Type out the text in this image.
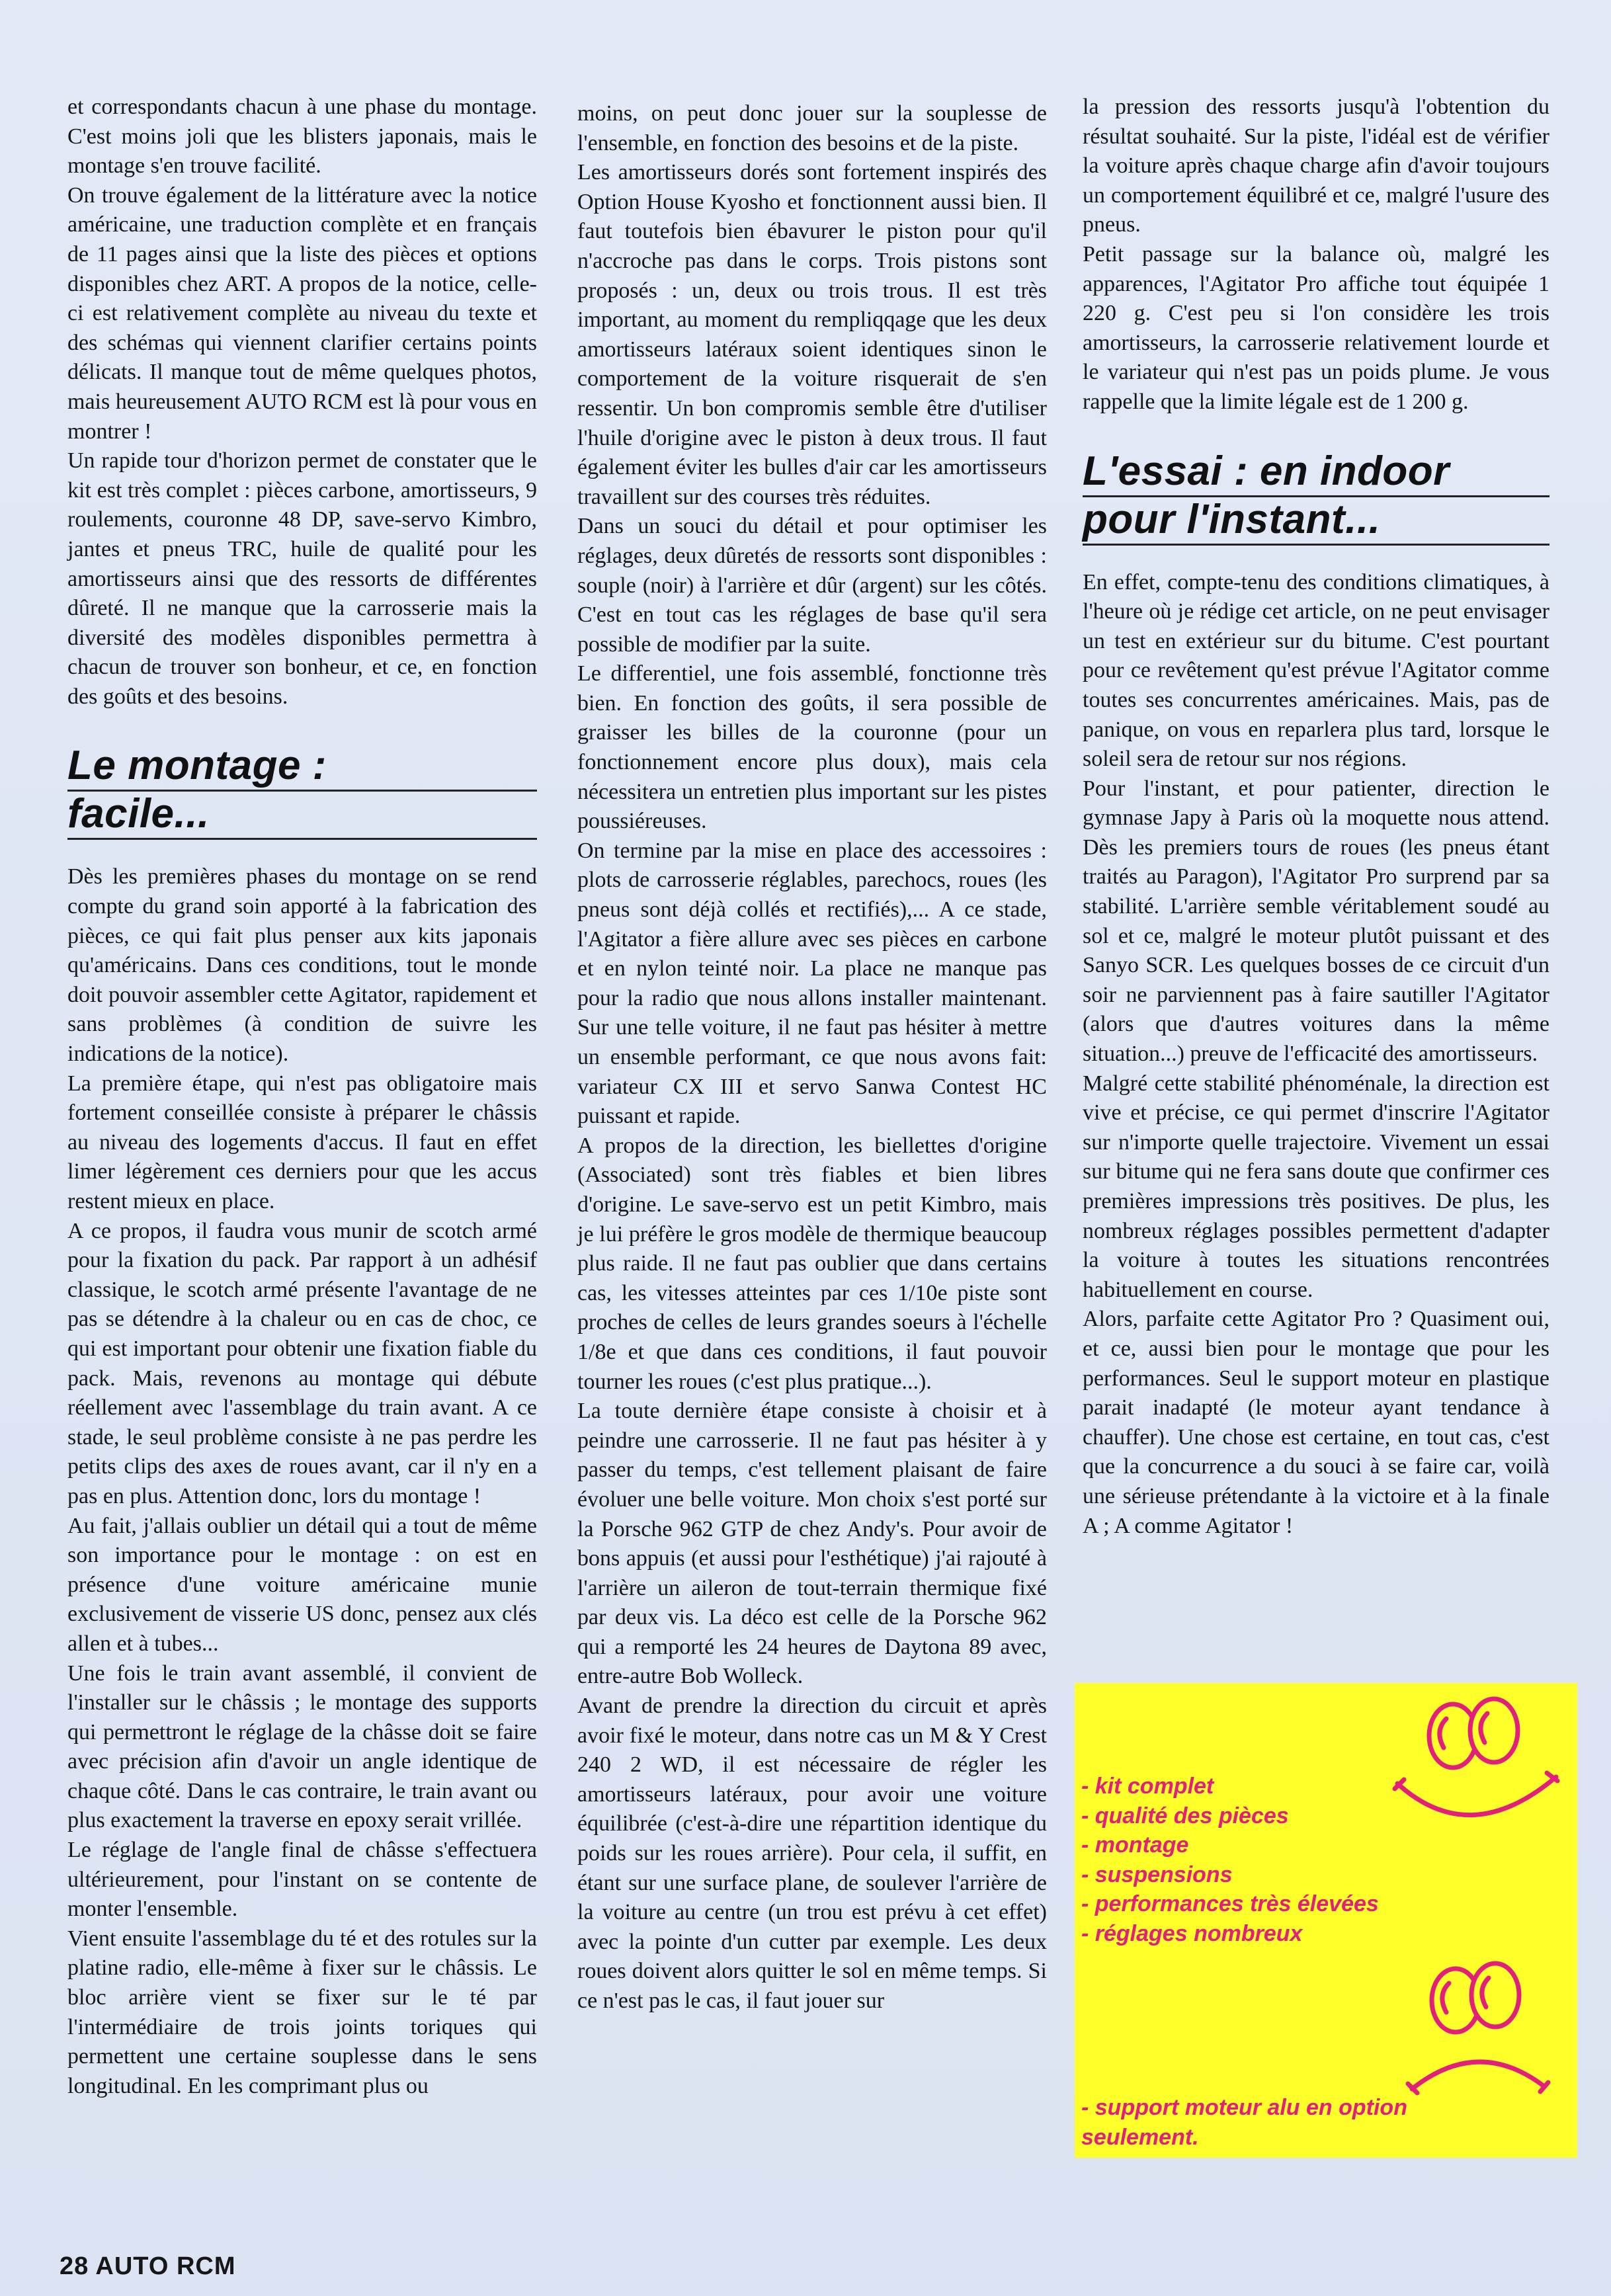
et correspondants chacun à une phase du montage. C'est moins joli que les blisters japonais, mais le montage s'en trouve facilité.

On trouve également de la littérature avec la notice américaine, une traduction complète et en français de 11 pages ainsi que la liste des pièces et options disponibles chez ART. A propos de la notice, celle-ci est relativement complète au niveau du texte et des schémas qui viennent clarifier certains points délicats. Il manque tout de même quelques photos, mais heureusement AUTO RCM est là pour vous en montrer !

Un rapide tour d'horizon permet de constater que le kit est très complet : pièces carbone, amortisseurs, 9 roulements, couronne 48 DP, save-servo Kimbro, jantes et pneus TRC, huile de qualité pour les amortisseurs ainsi que des ressorts de différentes dûreté. Il ne manque que la carrosserie mais la diversité des modèles disponibles permettra à chacun de trouver son bonheur, et ce, en fonction des goûts et des besoins.

Le montage :
facile...

Dès les premières phases du montage on se rend compte du grand soin apporté à la fabrication des pièces, ce qui fait plus penser aux kits japonais qu'américains. Dans ces conditions, tout le monde doit pouvoir assembler cette Agitator, rapidement et sans problèmes (à condition de suivre les indications de la notice).

La première étape, qui n'est pas obligatoire mais fortement conseillée consiste à préparer le châssis au niveau des logements d'accus. Il faut en effet limer légèrement ces derniers pour que les accus restent mieux en place.

A ce propos, il faudra vous munir de scotch armé pour la fixation du pack. Par rapport à un adhésif classique, le scotch armé présente l'avantage de ne pas se détendre à la chaleur ou en cas de choc, ce qui est important pour obtenir une fixation fiable du pack. Mais, revenons au montage qui débute réellement avec l'assemblage du train avant. A ce stade, le seul problème consiste à ne pas perdre les petits clips des axes de roues avant, car il n'y en a pas en plus. Attention donc, lors du montage !

Au fait, j'allais oublier un détail qui a tout de même son importance pour le montage : on est en présence d'une voiture américaine munie exclusivement de visserie US donc, pensez aux clés allen et à tubes...

Une fois le train avant assemblé, il convient de l'installer sur le châssis ; le montage des supports qui permettront le réglage de la châsse doit se faire avec précision afin d'avoir un angle identique de chaque côté. Dans le cas contraire, le train avant ou plus exactement la traverse en epoxy serait vrillée.

Le réglage de l'angle final de châsse s'effectuera ultérieurement, pour l'instant on se contente de monter l'ensemble.

Vient ensuite l'assemblage du té et des rotules sur la platine radio, elle-même à fixer sur le châssis. Le bloc arrière vient se fixer sur le té par l'intermédiaire de trois joints toriques qui permettent une certaine souplesse dans le sens longitudinal. En les comprimant plus ou

moins, on peut donc jouer sur la souplesse de l'ensemble, en fonction des besoins et de la piste.

Les amortisseurs dorés sont fortement inspirés des Option House Kyosho et fonctionnent aussi bien. Il faut toutefois bien ébavurer le piston pour qu'il n'accroche pas dans le corps. Trois pistons sont proposés : un, deux ou trois trous. Il est très important, au moment du rempliqqage que les deux amortisseurs latéraux soient identiques sinon le comportement de la voiture risquerait de s'en ressentir. Un bon compromis semble être d'utiliser l'huile d'origine avec le piston à deux trous. Il faut également éviter les bulles d'air car les amortisseurs travaillent sur des courses très réduites.

Dans un souci du détail et pour optimiser les réglages, deux dûretés de ressorts sont disponibles : souple (noir) à l'arrière et dûr (argent) sur les côtés. C'est en tout cas les réglages de base qu'il sera possible de modifier par la suite.

Le differentiel, une fois assemblé, fonctionne très bien. En fonction des goûts, il sera possible de graisser les billes de la couronne (pour un fonctionnement encore plus doux), mais cela nécessitera un entretien plus important sur les pistes poussiéreuses.

On termine par la mise en place des accessoires : plots de carrosserie réglables, parechocs, roues (les pneus sont déjà collés et rectifiés),... A ce stade, l'Agitator a fière allure avec ses pièces en carbone et en nylon teinté noir. La place ne manque pas pour la radio que nous allons installer maintenant. Sur une telle voiture, il ne faut pas hésiter à mettre un ensemble performant, ce que nous avons fait: variateur CX III et servo Sanwa Contest HC puissant et rapide.

A propos de la direction, les biellettes d'origine (Associated) sont très fiables et bien libres d'origine. Le save-servo est un petit Kimbro, mais je lui préfère le gros modèle de thermique beaucoup plus raide. Il ne faut pas oublier que dans certains cas, les vitesses atteintes par ces 1/10e piste sont proches de celles de leurs grandes soeurs à l'échelle 1/8e et que dans ces conditions, il faut pouvoir tourner les roues (c'est plus pratique...).

La toute dernière étape consiste à choisir et à peindre une carrosserie. Il ne faut pas hésiter à y passer du temps, c'est tellement plaisant de faire évoluer une belle voiture. Mon choix s'est porté sur la Porsche 962 GTP de chez Andy's. Pour avoir de bons appuis (et aussi pour l'esthétique) j'ai rajouté à l'arrière un aileron de tout-terrain thermique fixé par deux vis. La déco est celle de la Porsche 962 qui a remporté les 24 heures de Daytona 89 avec, entre-autre Bob Wolleck.

Avant de prendre la direction du circuit et après avoir fixé le moteur, dans notre cas un M & Y Crest 240 2 WD, il est nécessaire de régler les amortisseurs latéraux, pour avoir une voiture équilibrée (c'est-à-dire une répartition identique du poids sur les roues arrière). Pour cela, il suffit, en étant sur une surface plane, de soulever l'arrière de la voiture au centre (un trou est prévu à cet effet) avec la pointe d'un cutter par exemple. Les deux roues doivent alors quitter le sol en même temps. Si ce n'est pas le cas, il faut jouer sur

la pression des ressorts jusqu'à l'obtention du résultat souhaité. Sur la piste, l'idéal est de vérifier la voiture après chaque charge afin d'avoir toujours un comportement équilibré et ce, malgré l'usure des pneus.

Petit passage sur la balance où, malgré les apparences, l'Agitator Pro affiche tout équipée 1 220 g. C'est peu si l'on considère les trois amortisseurs, la carrosserie relativement lourde et le variateur qui n'est pas un poids plume. Je vous rappelle que la limite légale est de 1 200 g.

L'essai : en indoor
pour l'instant...

En effet, compte-tenu des conditions climatiques, à l'heure où je rédige cet article, on ne peut envisager un test en extérieur sur du bitume. C'est pourtant pour ce revêtement qu'est prévue l'Agitator comme toutes ses concurrentes américaines. Mais, pas de panique, on vous en reparlera plus tard, lorsque le soleil sera de retour sur nos régions.

Pour l'instant, et pour patienter, direction le gymnase Japy à Paris où la moquette nous attend. Dès les premiers tours de roues (les pneus étant traités au Paragon), l'Agitator Pro surprend par sa stabilité. L'arrière semble véritablement soudé au sol et ce, malgré le moteur plutôt puissant et des Sanyo SCR. Les quelques bosses de ce circuit d'un soir ne parviennent pas à faire sautiller l'Agitator (alors que d'autres voitures dans la même situation...) preuve de l'efficacité des amortisseurs.

Malgré cette stabilité phénoménale, la direction est vive et précise, ce qui permet d'inscrire l'Agitator sur n'importe quelle trajectoire. Vivement un essai sur bitume qui ne fera sans doute que confirmer ces premières impressions très positives. De plus, les nombreux réglages possibles permettent d'adapter la voiture à toutes les situations rencontrées habituellement en course.

Alors, parfaite cette Agitator Pro ? Quasiment oui, et ce, aussi bien pour le montage que pour les performances. Seul le support moteur en plastique parait inadapté (le moteur ayant tendance à chauffer). Une chose est certaine, en tout cas, c'est que la concurrence a du souci à se faire car, voilà une sérieuse prétendante à la victoire et à la finale A ; A comme Agitator !

- kit complet
- qualité des pièces
- montage
- suspensions
- performances très élevées
- réglages nombreux
- support moteur alu en option
seulement.
28 AUTO RCM
